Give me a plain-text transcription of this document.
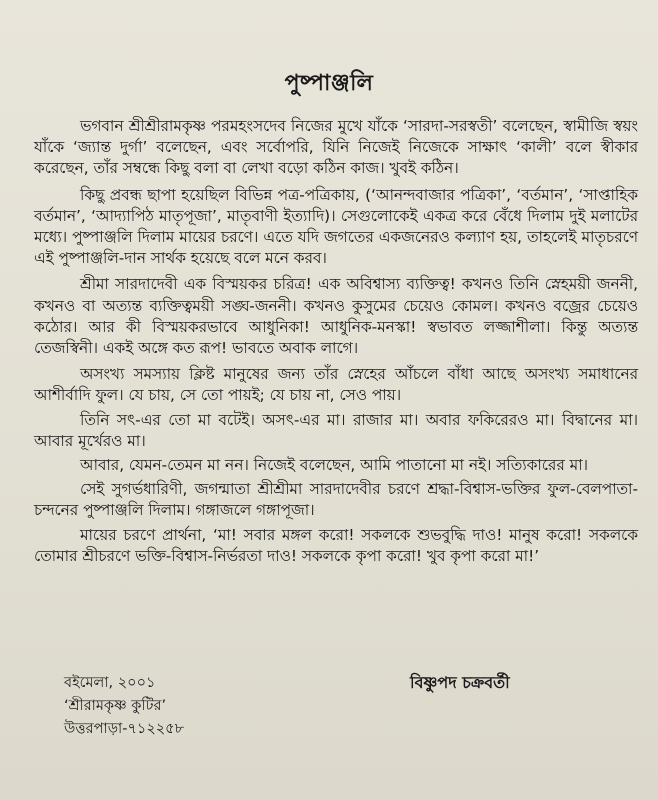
পুষ্পাঞ্জলি

ভগবান শ্রীশ্রীরামকৃষ্ণ পরমহংসদেব নিজের মুখে যাঁকে ‘সারদা-সরস্বতী’ বলেছেন, স্বামীজি স্বয়ং যাঁকে ‘জ্যান্ত দুর্গা’ বলেছেন, এবং সর্বোপরি, যিনি নিজেই নিজেকে সাক্ষাৎ ‘কালী’ বলে স্বীকার করেছেন, তাঁর সম্বন্ধে কিছু বলা বা লেখা বড়ো কঠিন কাজ। খুবই কঠিন।

কিছু প্রবন্ধ ছাপা হয়েছিল বিভিন্ন পত্র-পত্রিকায়, (‘আনন্দবাজার পত্রিকা’, ‘বর্তমান’, ‘সাপ্তাহিক বর্তমান’, ‘আদ্যাপিঠ মাতৃপূজা’, মাতৃবাণী ইত্যাদি)। সেগুলোকেই একত্র করে বেঁধে দিলাম দুই মলাটের মধ্যে। পুষ্পাঞ্জলি দিলাম মায়ের চরণে। এতে যদি জগতের একজনেরও কল্যাণ হয়, তাহলেই মাতৃচরণে এই পুষ্পাঞ্জলি-দান সার্থক হয়েছে বলে মনে করব।

শ্রীমা সারদাদেবী এক বিস্ময়কর চরিত্র! এক অবিশ্বাস্য ব্যক্তিত্ব! কখনও তিনি স্নেহময়ী জননী, কখনও বা অত্যন্ত ব্যক্তিত্বময়ী সঙ্ঘ-জননী। কখনও কুসুমের চেয়েও কোমল। কখনও বজ্রের চেয়েও কঠোর। আর কী বিস্ময়করভাবে আধুনিকা! আধুনিক-মনস্কা! স্বভাবত লজ্জাশীলা। কিন্তু অত্যন্ত তেজস্বিনী। একই অঙ্গে কত রূপ! ভাবতে অবাক লাগে।

অসংখ্য সমস্যায় ক্লিষ্ট মানুষের জন্য তাঁর স্নেহের আঁচলে বাঁধা আছে অসংখ্য সমাধানের আশীর্বাদি ফুল। যে চায়, সে তো পায়ই; যে চায় না, সেও পায়।

তিনি সৎ-এর তো মা বটেই। অসৎ-এর মা। রাজার মা। অবার ফকিরেরও মা। বিদ্বানের মা। আবার মূর্খেরও মা।

আবার, যেমন-তেমন মা নন। নিজেই বলেছেন, আমি পাতানো মা নই। সত্যিকারের মা।

সেই সুগর্ভধারিণী, জগন্মাতা শ্রীশ্রীমা সারদাদেবীর চরণে শ্রদ্ধা-বিশ্বাস-ভক্তির ফুল-বেলপাতা-চন্দনের পুষ্পাঞ্জলি দিলাম। গঙ্গাজলে গঙ্গাপূজা।

মায়ের চরণে প্রার্থনা, ‘মা! সবার মঙ্গল করো! সকলকে শুভবুদ্ধি দাও! মানুষ করো! সকলকে তোমার শ্রীচরণে ভক্তি-বিশ্বাস-নির্ভরতা দাও! সকলকে কৃপা করো! খুব কৃপা করো মা!’

বইমেলা, ২০০১
‘শ্রীরামকৃষ্ণ কুটির’
উত্তরপাড়া-৭১২২৫৮
বিষ্ণুপদ চক্রবর্তী
